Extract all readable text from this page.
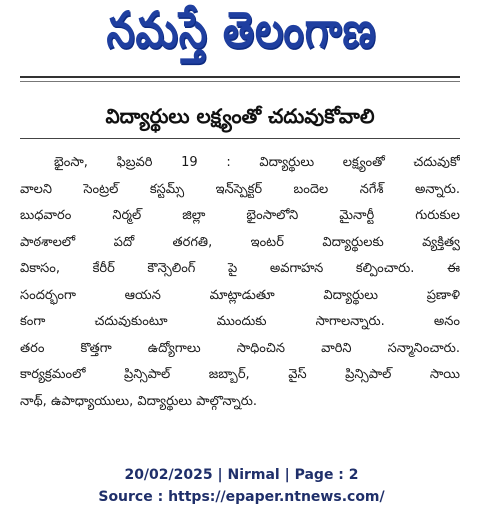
నమస్తే తెలంగాణ
విద్యార్థులు లక్ష్యంతో చదువుకోవాలి
భైంసా, ఫిబ్రవరి 19 : విద్యార్థులు లక్ష్యంతో చదువుకో
వాలని సెంట్రల్ కస్టమ్స్ ఇన్‌స్పెక్టర్ బందెల నగేశ్ అన్నారు.
బుధవారం నిర్మల్ జిల్లా భైంసాలోని మైనార్టీ గురుకుల
పాఠశాలలో పదో తరగతి, ఇంటర్ విద్యార్థులకు వ్యక్తిత్వ
వికాసం, కేరీర్ కౌన్సెలింగ్ పై అవగాహన కల్పించారు. ఈ
సందర్భంగా ఆయన మాట్లాడుతూ విద్యార్థులు ప్రణాళి
కంగా చదువుకుంటూ ముందుకు సాగాలన్నారు. అనం
తరం కొత్తగా ఉద్యోగాలు సాధించిన వారిని సన్మానించారు.
కార్యక్రమంలో ప్రిన్సిపాల్ జబ్బార్, వైస్ ప్రిన్సిపాల్ సాయి
నాథ్, ఉపాధ్యాయులు, విద్యార్థులు పాల్గొన్నారు.
20/02/2025 | Nirmal | Page : 2
Source : https://epaper.ntnews.com/
